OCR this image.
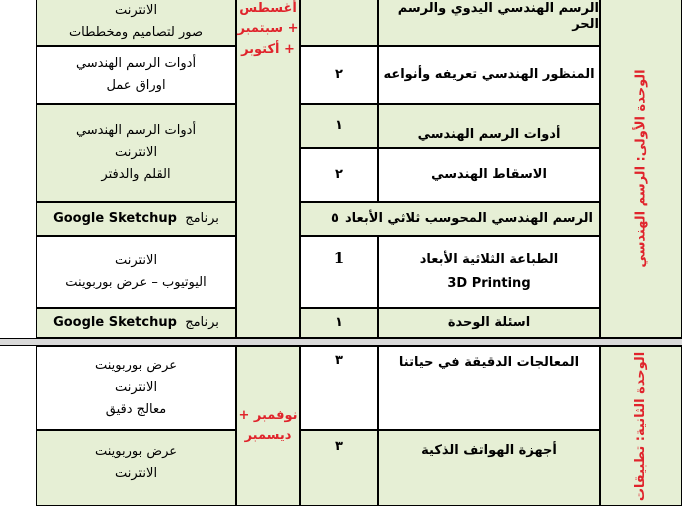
الوحدة الأولى: الرسم الهندسي
أغسطس
+ سبتمبر
+ أكتوبر
الرسم الهندسي اليدوي والرسم الحر
الانترنت
صور لتصاميم ومخططات
المنظور الهندسي تعريفه وأنواعه
٢
أدوات الرسم الهندسي
اوراق عمل
أدوات الرسم الهندسي
١
أدوات الرسم الهندسي
الانترنت
القلم والدفتر	الاسقاط الهندسي
٢
الرسم الهندسي المحوسب ثلاثي الأبعاد
٥
برنامج  Google Sketchup
الطباعة الثلاثية الأبعاد
3D Printing
1
الانترنت
اليوتيوب – عرض بوربوينت
اسئلة الوحدة
١
برنامج  Google Sketchup
الوحدة الثانية: تطبيقات
نوفمبر +
ديسمبر
المعالجات الدقيقة في حياتنا
٣
عرض بوربوينت
الانترنت
معالج دقيق
أجهزة الهواتف الذكية
٣
عرض بوربوينت
الانترنت
